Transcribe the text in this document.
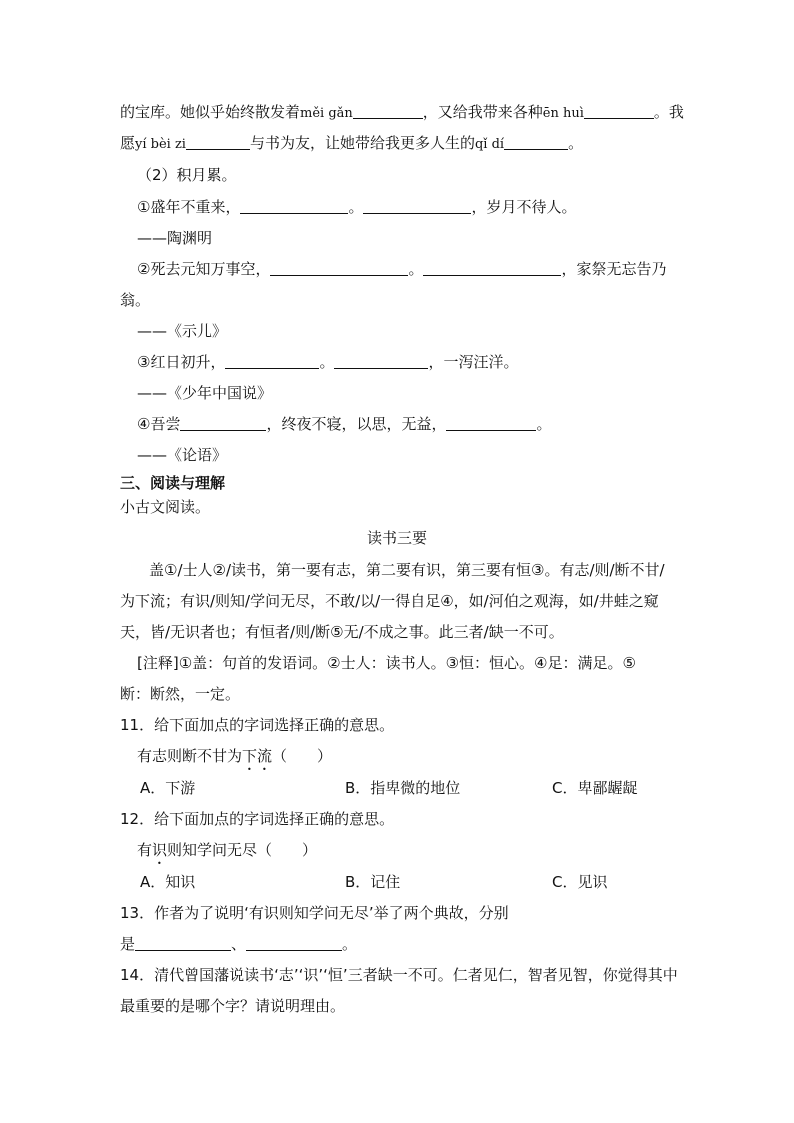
的宝库。她似乎始终散发着měi gǎn	，又给我带来各种ēn huì	。我
愿yí bèi zi	与书为友，让她带给我更多人生的qǐ dí	。
（2）积月累。
①盛年不重来，	。	，岁月不待人。
——陶渊明
②死去元知万事空，	。	，家祭无忘告乃
翁。
——《示儿》
③红日初升，	。	，一泻汪洋。
——《少年中国说》
④吾尝	，终夜不寝，以思，无益，	。
——《论语》
三、阅读与理解
小古文阅读。
读书三要
盖①/士人②/读书，第一要有志，第二要有识，第三要有恒③。有志/则/断不甘/
为下流；有识/则知/学问无尽，不敢/以/一得自足④，如/河伯之观海，如/井蛙之窥
天，皆/无识者也；有恒者/则/断⑤无/不成之事。此三者/缺一不可。
[注释]①盖：句首的发语词。②士人：读书人。③恒：恒心。④足：满足。⑤
断：断然，一定。
11．给下面加点的字词选择正确的意思。
有志则断不甘为下流（　　）
A．下游	B．指卑微的地位	C．卑鄙龌龊
12．给下面加点的字词选择正确的意思。
有识则知学问无尽（　　）
A．知识	B．记住	C．见识
13．作者为了说明‘有识则知学问无尽’举了两个典故，分别
是	、	。
14．清代曾国藩说读书‘志’‘识’‘恒’三者缺一不可。仁者见仁，智者见智，你觉得其中
最重要的是哪个字？请说明理由。
